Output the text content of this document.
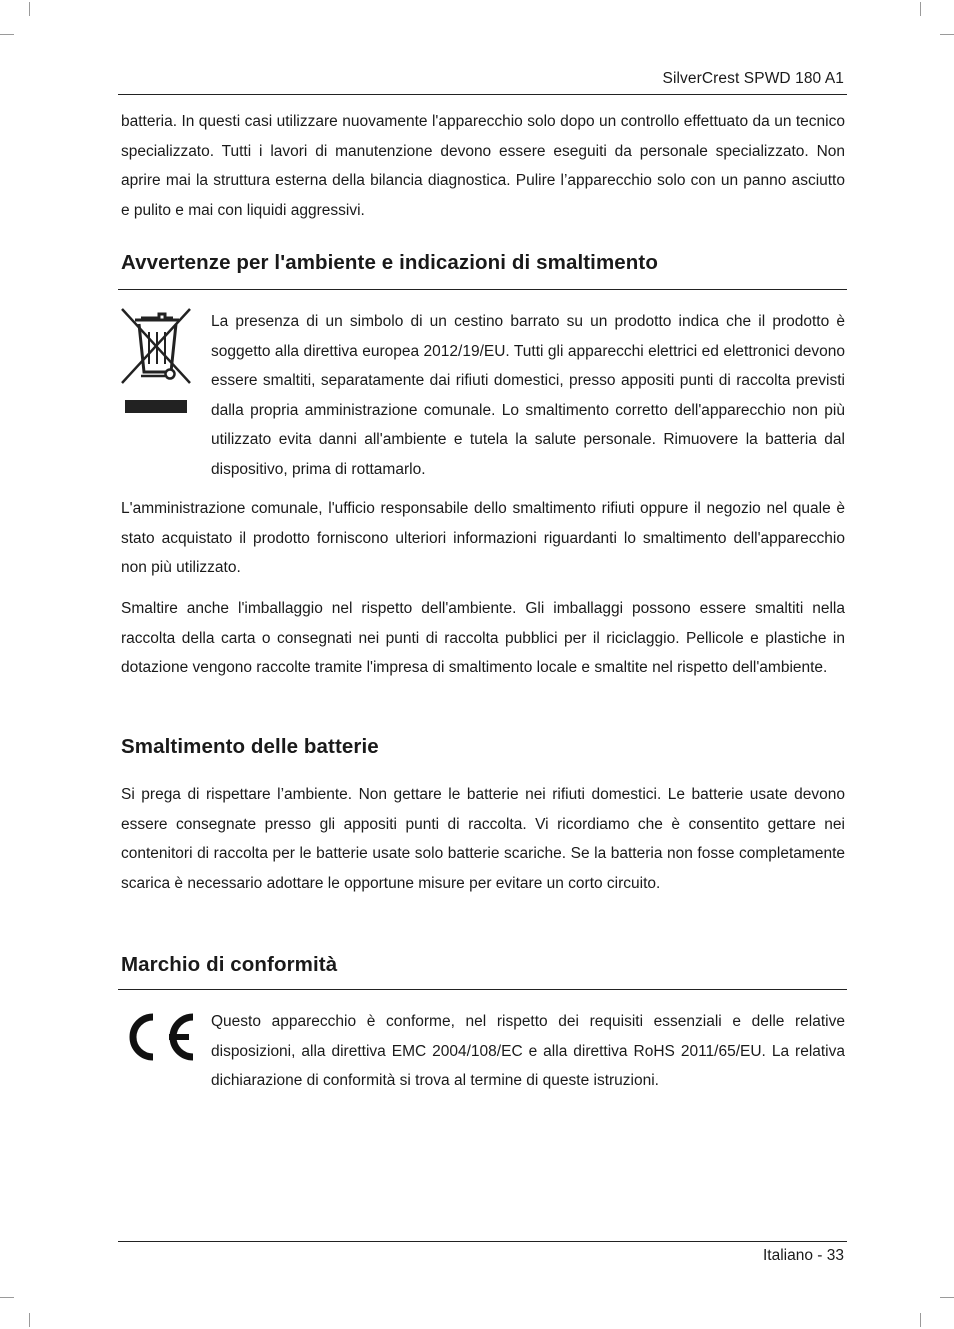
SilverCrest SPWD 180 A1

batteria. In questi casi utilizzare nuovamente l'apparecchio solo dopo un controllo effettuato da un tecnico specializzato. Tutti i lavori di manutenzione devono essere eseguiti da personale specializzato. Non aprire mai la struttura esterna della bilancia diagnostica. Pulire l’apparecchio solo con un panno asciutto e pulito e mai con liquidi aggressivi.

Avvertenze per l'ambiente e indicazioni di smaltimento

La presenza di un simbolo di un cestino barrato su un prodotto indica che il prodotto è soggetto alla direttiva europea 2012/19/EU. Tutti gli apparecchi elettrici ed elettronici devono essere smaltiti, separatamente dai rifiuti domestici, presso appositi punti di raccolta previsti dalla propria amministrazione comunale. Lo smaltimento corretto dell'apparecchio non più utilizzato evita danni all'ambiente e tutela la salute personale. Rimuovere la batteria dal dispositivo, prima di rottamarlo.

L'amministrazione comunale, l'ufficio responsabile dello smaltimento rifiuti oppure il negozio nel quale è stato acquistato il prodotto forniscono ulteriori informazioni riguardanti lo smaltimento dell'apparecchio non più utilizzato.

Smaltire anche l'imballaggio nel rispetto dell'ambiente. Gli imballaggi possono essere smaltiti nella raccolta della carta o consegnati nei punti di raccolta pubblici per il riciclaggio. Pellicole e plastiche in dotazione vengono raccolte tramite l'impresa di smaltimento locale e smaltite nel rispetto dell'ambiente.

Smaltimento delle batterie

Si prega di rispettare l’ambiente. Non gettare le batterie nei rifiuti domestici. Le batterie usate devono essere consegnate presso gli appositi punti di raccolta. Vi ricordiamo che è consentito gettare nei contenitori di raccolta per le batterie usate solo batterie scariche. Se la batteria non fosse completamente scarica è necessario adottare le opportune misure per evitare un corto circuito.

Marchio di conformità

Questo apparecchio è conforme, nel rispetto dei requisiti essenziali e delle relative disposizioni, alla direttiva EMC 2004/108/EC e alla direttiva RoHS 2011/65/EU. La relativa dichiarazione di conformità si trova al termine di queste istruzioni.

Italiano - 33
